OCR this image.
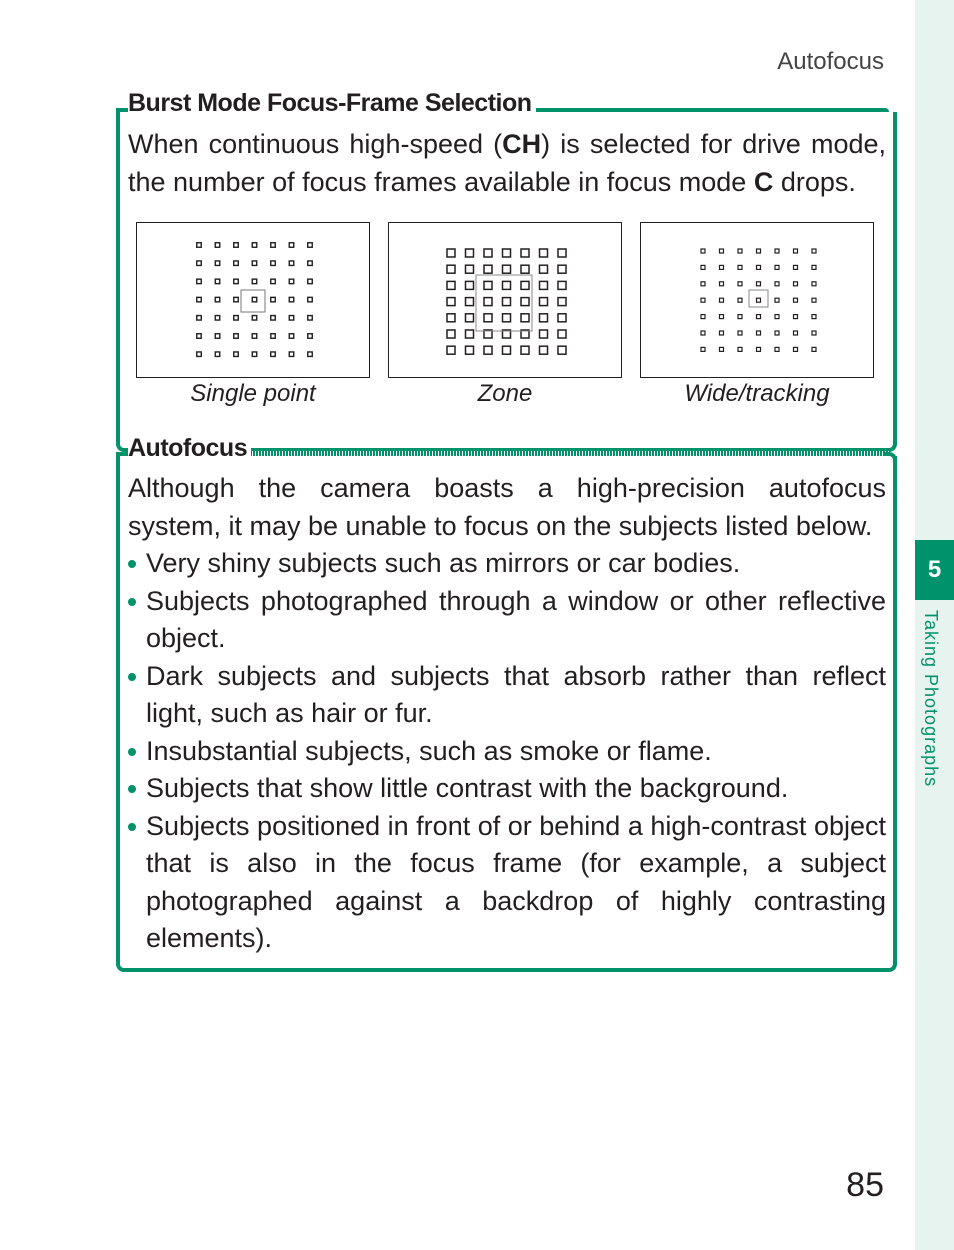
5
Taking Photographs
Autofocus
Burst Mode Focus-Frame Selection

When continuous high-speed (CH) is selected for drive mode, the number of focus frames available in focus mode C drops.

Single point	Zone	Wide/tracking
Autofocus

Although the camera boasts a high-precision autofocus system, it may be unable to focus on the subjects listed below.

Very shiny subjects such as mirrors or car bodies.
Subjects photographed through a window or other reflective object.
Dark subjects and subjects that absorb rather than reflect light, such as hair or fur.
Insubstantial subjects, such as smoke or flame.
Subjects that show little contrast with the background.
Subjects positioned in front of or behind a high-contrast object that is also in the focus frame (for example, a subject photographed against a backdrop of highly contrasting elements).
85
